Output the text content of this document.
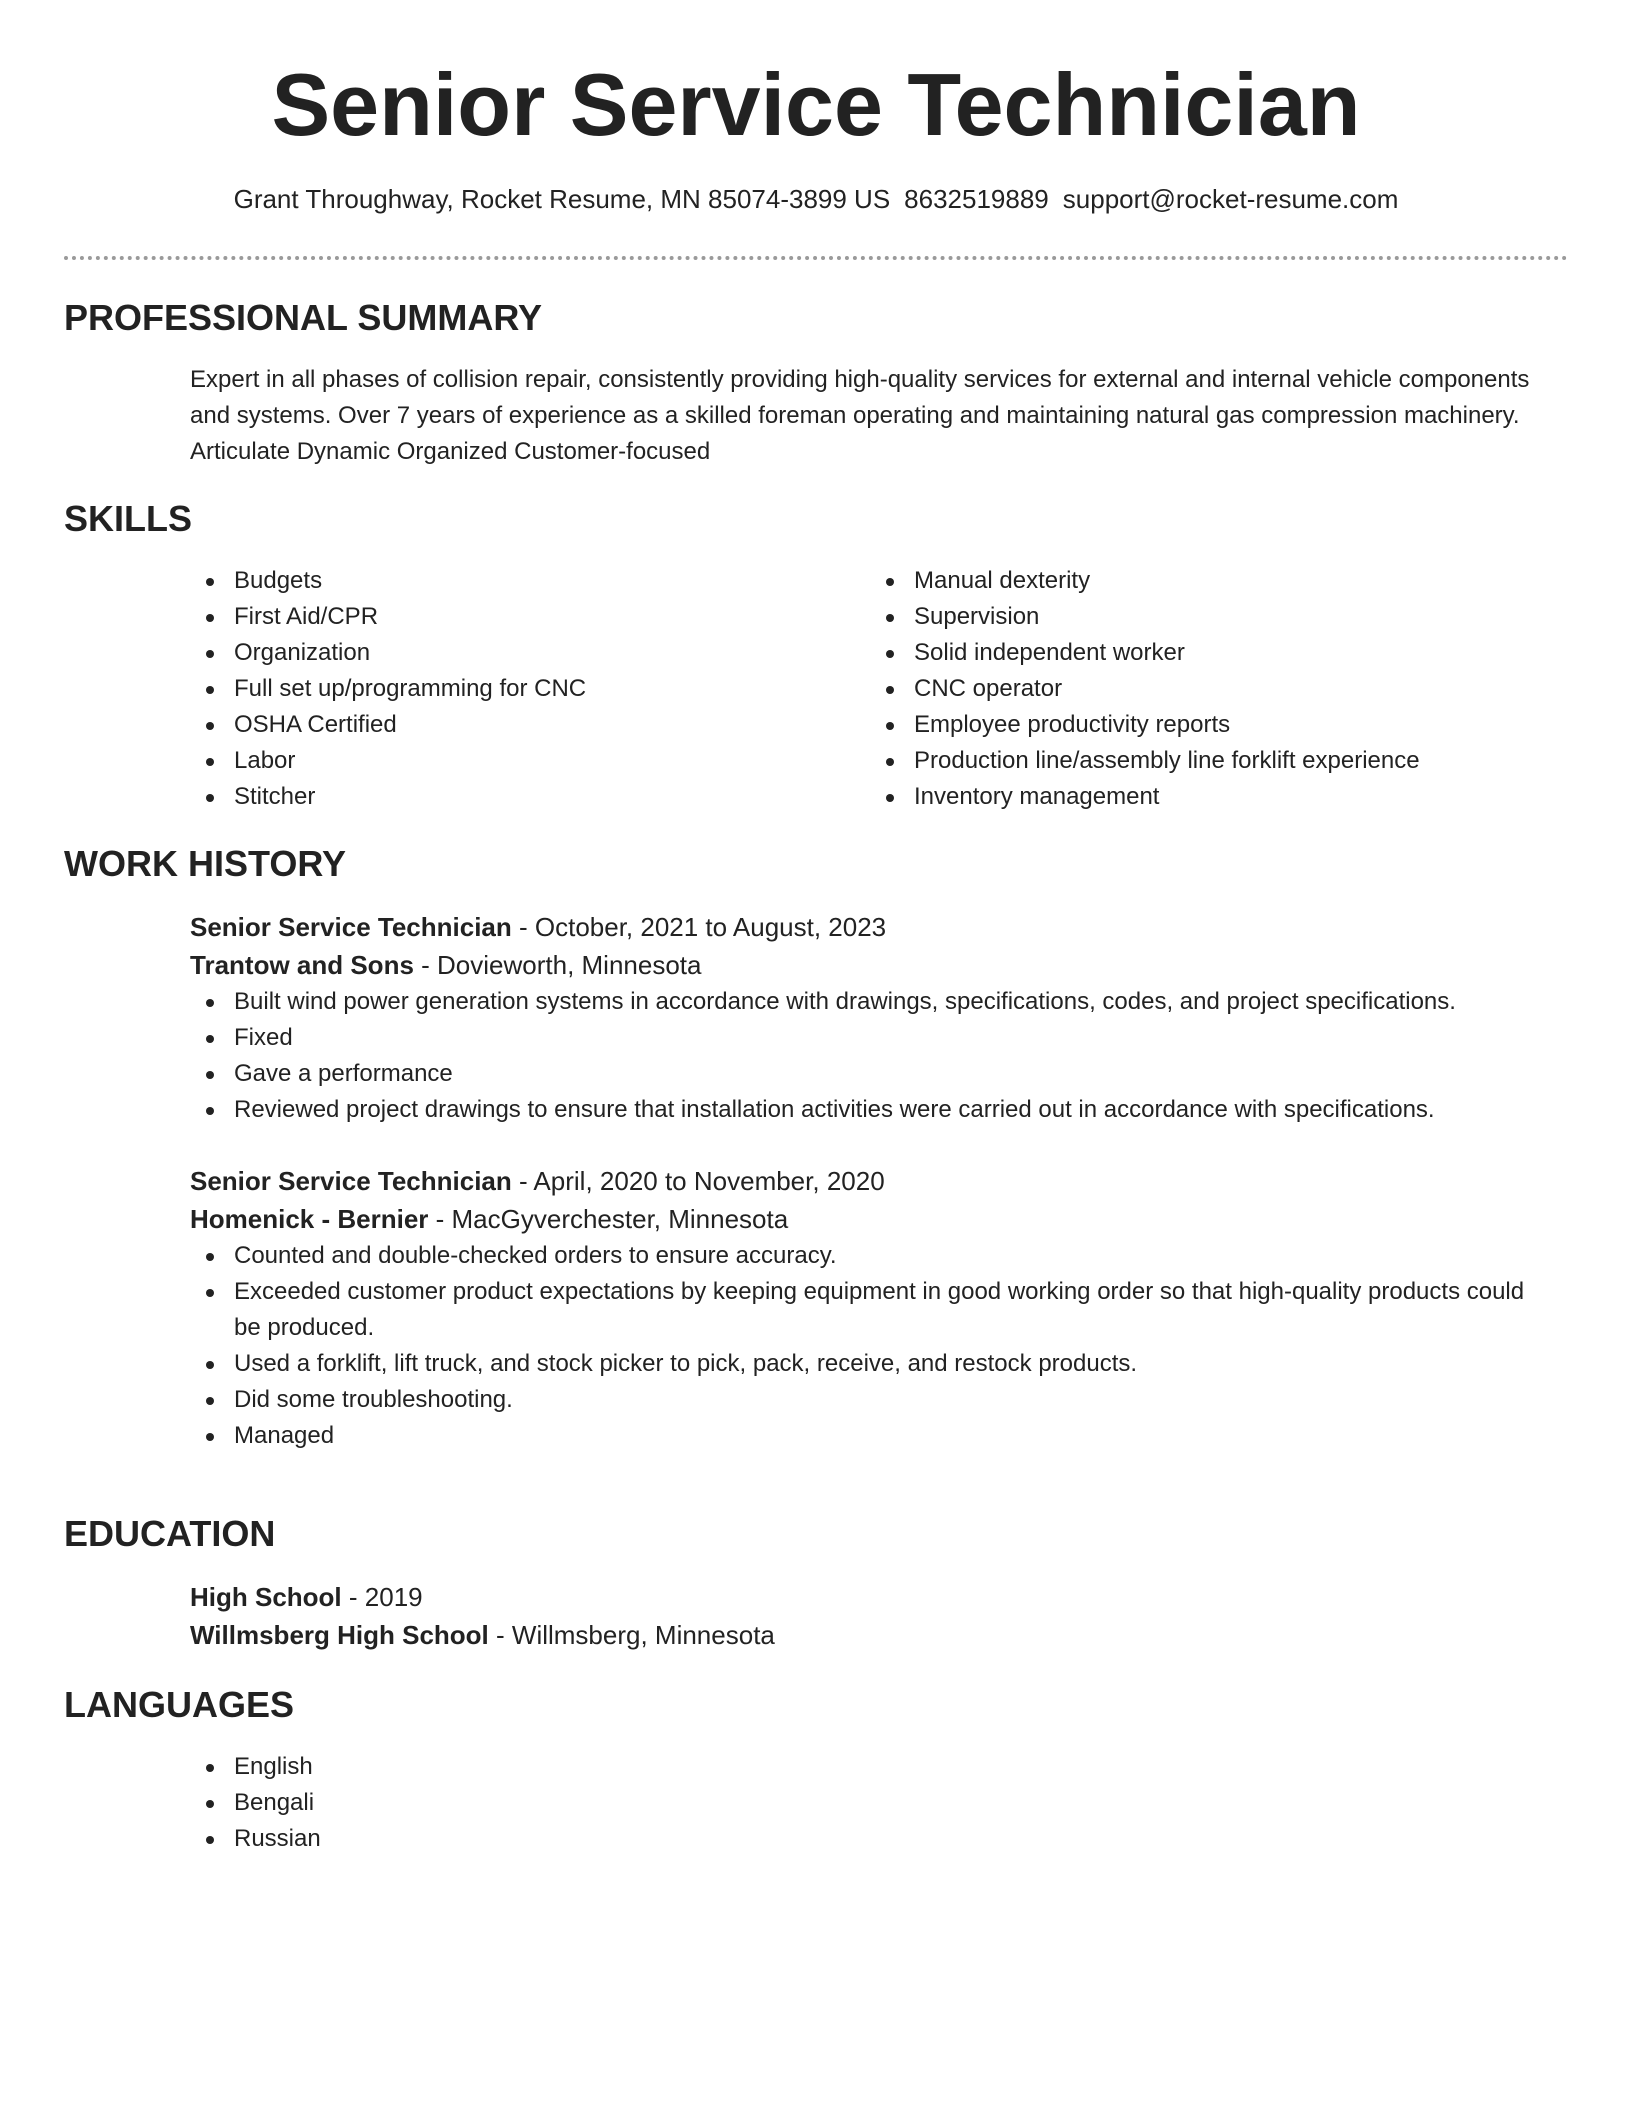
Senior Service Technician
Grant Throughway, Rocket Resume, MN 85074-3899 US 8632519889 support@rocket-resume.com
PROFESSIONAL SUMMARY
Expert in all phases of collision repair, consistently providing high-quality services for external and internal vehicle components and systems. Over 7 years of experience as a skilled foreman operating and maintaining natural gas compression machinery. Articulate Dynamic Organized Customer-focused
SKILLS
Budgets
First Aid/CPR
Organization
Full set up/programming for CNC
OSHA Certified
Labor
Stitcher
Manual dexterity
Supervision
Solid independent worker
CNC operator
Employee productivity reports
Production line/assembly line forklift experience
Inventory management
WORK HISTORY
Senior Service Technician - October, 2021 to August, 2023
Trantow and Sons - Dovieworth, Minnesota
Built wind power generation systems in accordance with drawings, specifications, codes, and project specifications.
Fixed
Gave a performance
Reviewed project drawings to ensure that installation activities were carried out in accordance with specifications.
Senior Service Technician - April, 2020 to November, 2020
Homenick - Bernier - MacGyverchester, Minnesota
Counted and double-checked orders to ensure accuracy.
Exceeded customer product expectations by keeping equipment in good working order so that high-quality products could be produced.
Used a forklift, lift truck, and stock picker to pick, pack, receive, and restock products.
Did some troubleshooting.
Managed
EDUCATION
High School - 2019
Willmsberg High School - Willmsberg, Minnesota
LANGUAGES
English
Bengali
Russian
